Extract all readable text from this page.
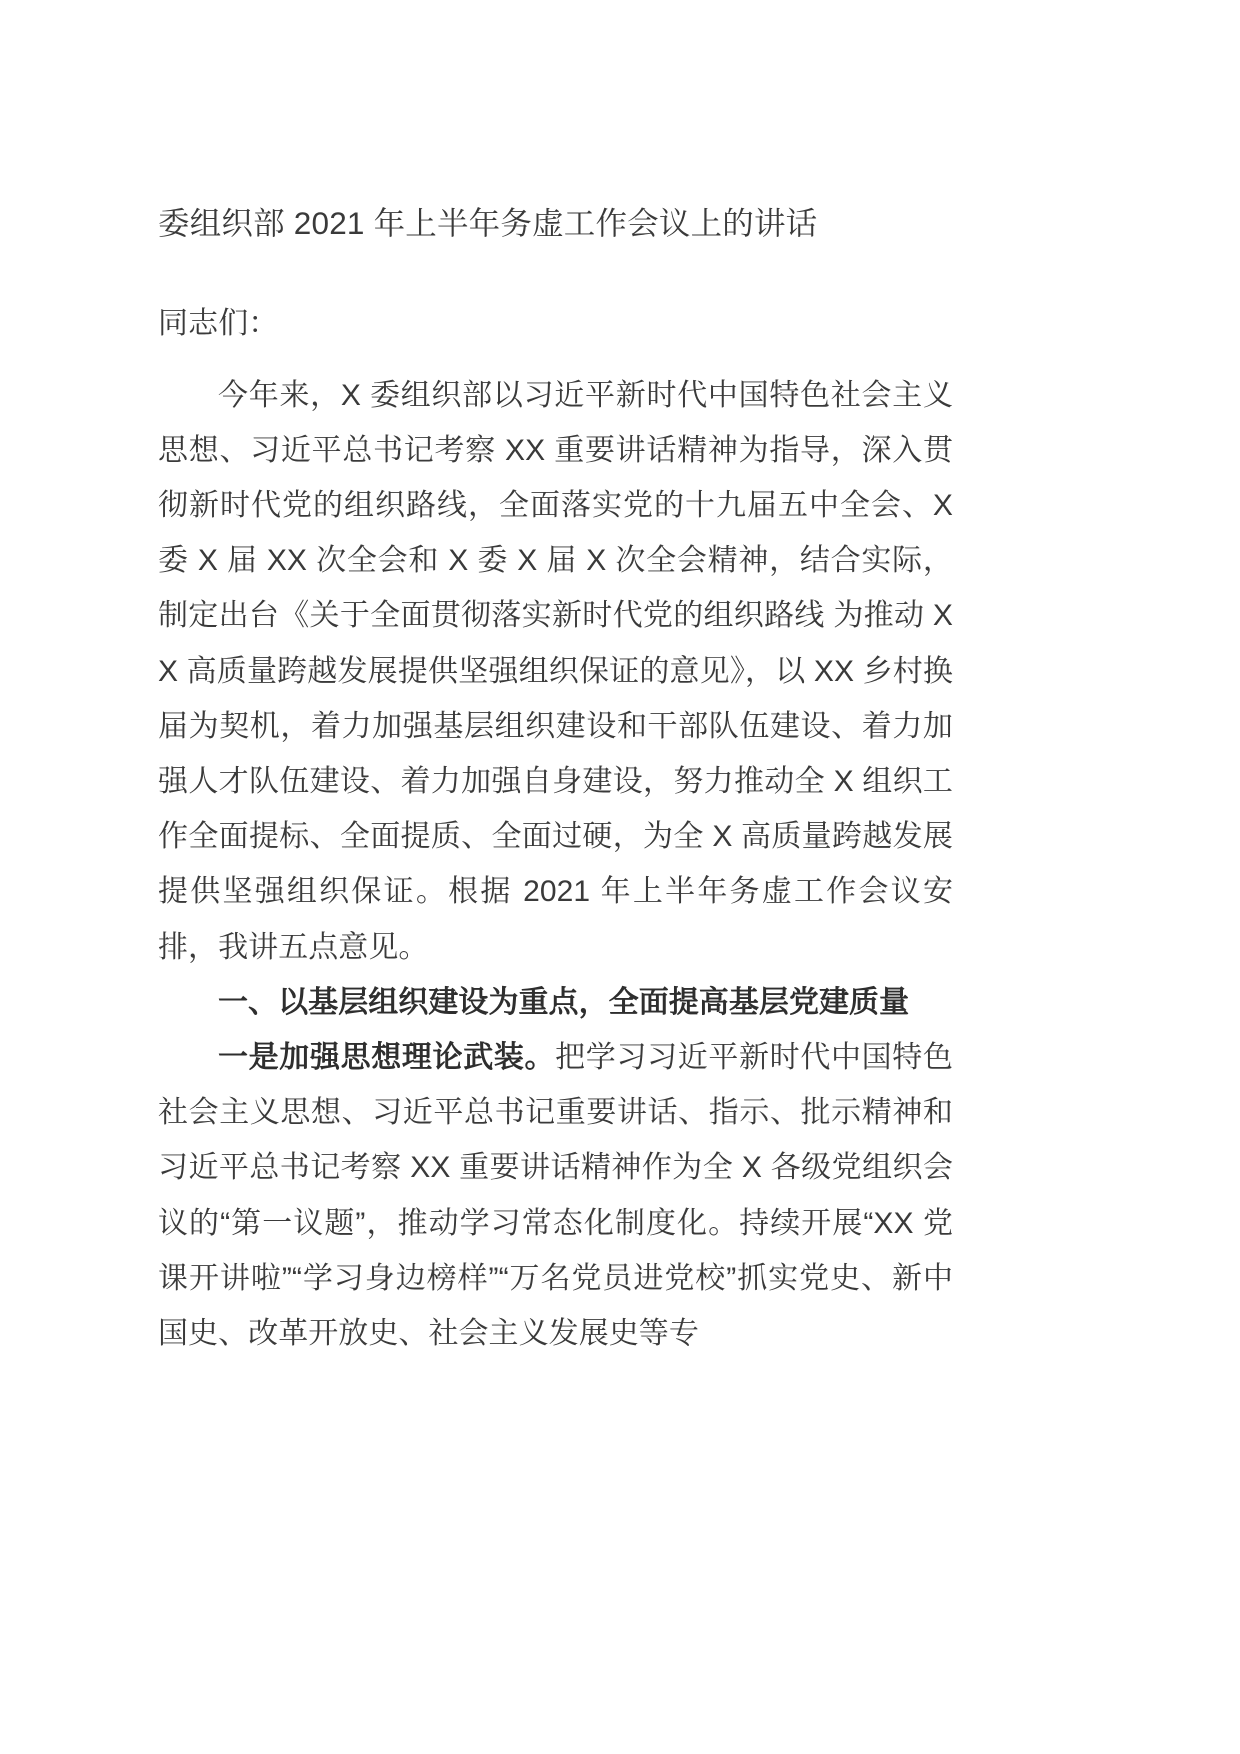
委组织部 2021 年上半年务虚工作会议上的讲话

同志们：

今年来，X 委组织部以习近平新时代中国特色社会主义思想、习近平总书记考察 XX 重要讲话精神为指导，深入贯彻新时代党的组织路线，全面落实党的十九届五中全会、X 委 X 届 XX 次全会和 X 委 X 届 X 次全会精神，结合实际，制定出台《关于全面贯彻落实新时代党的组织路线 为推动 XX 高质量跨越发展提供坚强组织保证的意见》，以 XX 乡村换届为契机，着力加强基层组织建设和干部队伍建设、着力加强人才队伍建设、着力加强自身建设，努力推动全 X 组织工作全面提标、全面提质、全面过硬，为全 X 高质量跨越发展提供坚强组织保证。根据 2021 年上半年务虚工作会议安排，我讲五点意见。

一、以基层组织建设为重点，全面提高基层党建质量

一是加强思想理论武装。把学习习近平新时代中国特色社会主义思想、习近平总书记重要讲话、指示、批示精神和习近平总书记考察 XX 重要讲话精神作为全 X 各级党组织会议的“第一议题”，推动学习常态化制度化。持续开展“XX 党课开讲啦”“学习身边榜样”“万名党员进党校”抓实党史、新中国史、改革开放史、社会主义发展史等专
